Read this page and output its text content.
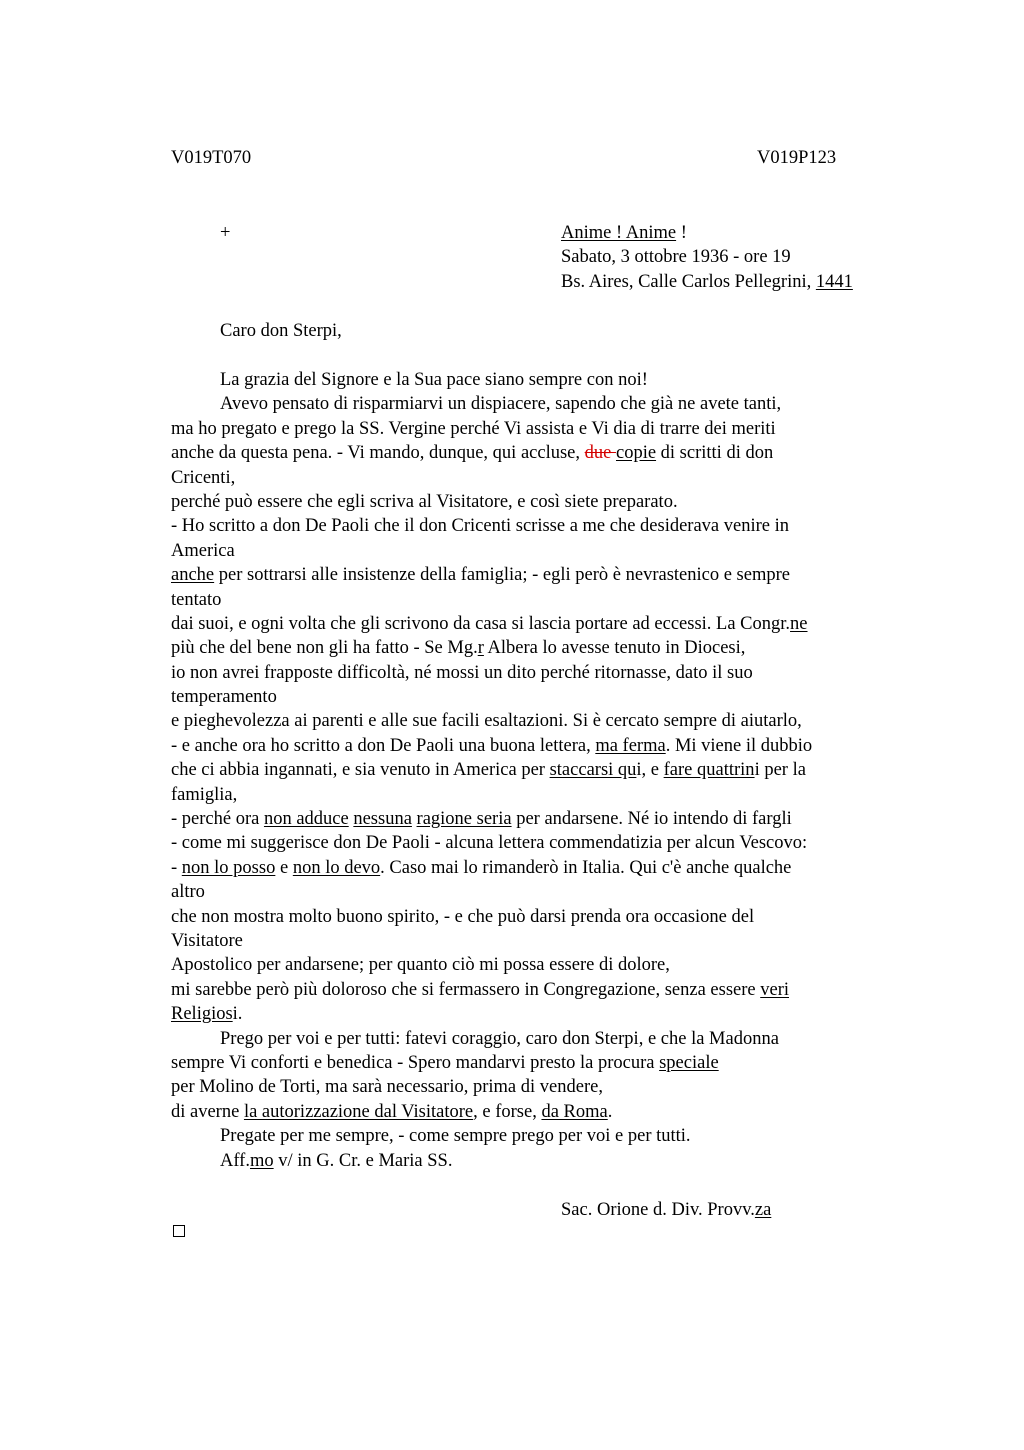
V019T070	V019P123
+	Anime ! Anime !
Sabato, 3 ottobre 1936 - ore 19
Bs. Aires, Calle Carlos Pellegrini, 1441
Caro don Sterpi,
La grazia del Signore e la Sua pace siano sempre con noi!
Avevo pensato di risparmiarvi un dispiacere, sapendo che già ne avete tanti,
ma ho pregato e prego la SS. Vergine perché Vi assista e Vi dia di trarre dei meriti
anche da questa pena. - Vi mando, dunque, qui accluse, due copie di scritti di don
Cricenti,
perché può essere che egli scriva al Visitatore, e così siete preparato.
- Ho scritto a don De Paoli che il don Cricenti scrisse a me che desiderava venire in
America
anche per sottrarsi alle insistenze della famiglia; - egli però è nevrastenico e sempre
tentato
dai suoi, e ogni volta che gli scrivono da casa si lascia portare ad eccessi. La Congr.ne
più che del bene non gli ha fatto - Se Mg.r Albera lo avesse tenuto in Diocesi,
io non avrei frapposte difficoltà, né mossi un dito perché ritornasse, dato il suo
temperamento
e pieghevolezza ai parenti e alle sue facili esaltazioni. Si è cercato sempre di aiutarlo,
- e anche ora ho scritto a don De Paoli una buona lettera, ma ferma. Mi viene il dubbio
che ci abbia ingannati, e sia venuto in America per staccarsi qui, e fare quattrini per la
famiglia,
- perché ora non adduce nessuna ragione seria per andarsene. Né io intendo di fargli
- come mi suggerisce don De Paoli - alcuna lettera commendatizia per alcun Vescovo:
- non lo posso e non lo devo. Caso mai lo rimanderò in Italia. Qui c'è anche qualche
altro
che non mostra molto buono spirito, - e che può darsi prenda ora occasione del
Visitatore
Apostolico per andarsene; per quanto ciò mi possa essere di dolore,
mi sarebbe però più doloroso che si fermassero in Congregazione, senza essere veri
Religiosi.
Prego per voi e per tutti: fatevi coraggio, caro don Sterpi, e che la Madonna
sempre Vi conforti e benedica - Spero mandarvi presto la procura speciale
per Molino de Torti, ma sarà necessario, prima di vendere,
di averne la autorizzazione dal Visitatore, e forse, da Roma.
Pregate per me sempre, - come sempre prego per voi e per tutti.
Aff.mo v/ in G. Cr. e Maria SS.
Sac. Orione d. Div. Provv.za
